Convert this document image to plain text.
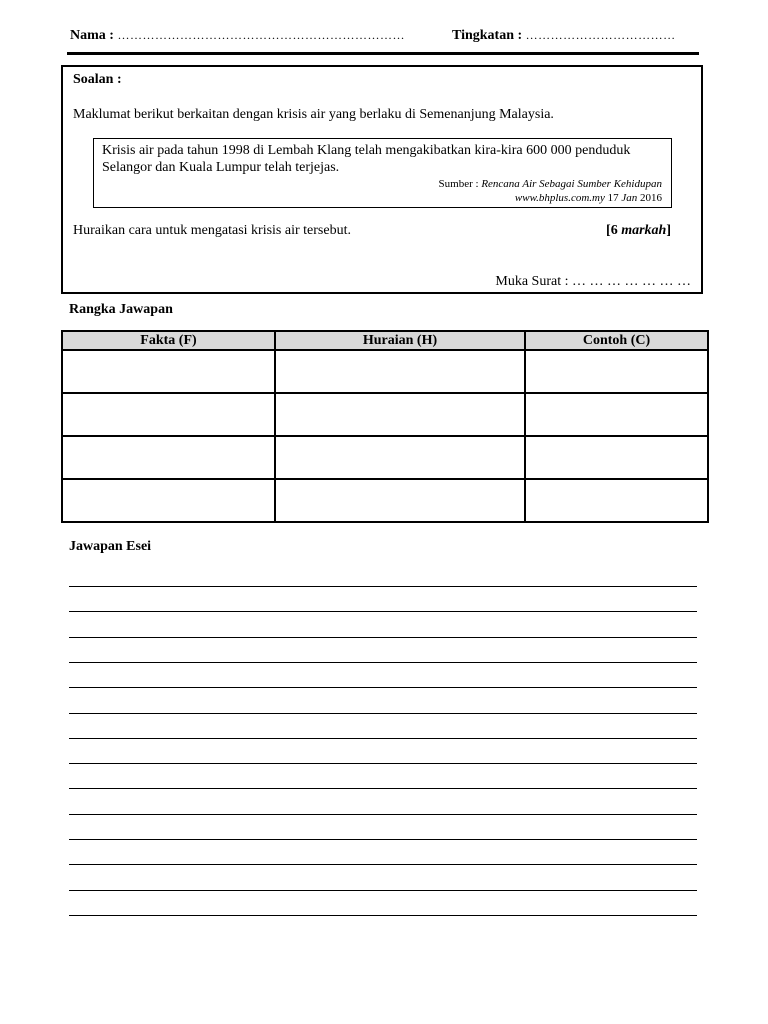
Nama : ……………………………………………………………	Tingkatan : ………………………………
Soalan :
Maklumat berikut berkaitan dengan krisis air yang berlaku di Semenanjung Malaysia.
Krisis air pada tahun 1998 di Lembah Klang telah mengakibatkan kira-kira 600 000 penduduk Selangor dan Kuala Lumpur telah terjejas.
Sumber : Rencana Air Sebagai Sumber Kehidupan
www.bhplus.com.my 17 Jan 2016
Huraikan cara untuk mengatasi krisis air tersebut.	[6 markah]
Muka Surat : … … … … … … …
Rangka Jawapan
Fakta (F)	Huraian (H)	Contoh (C)

Jawapan Esei
